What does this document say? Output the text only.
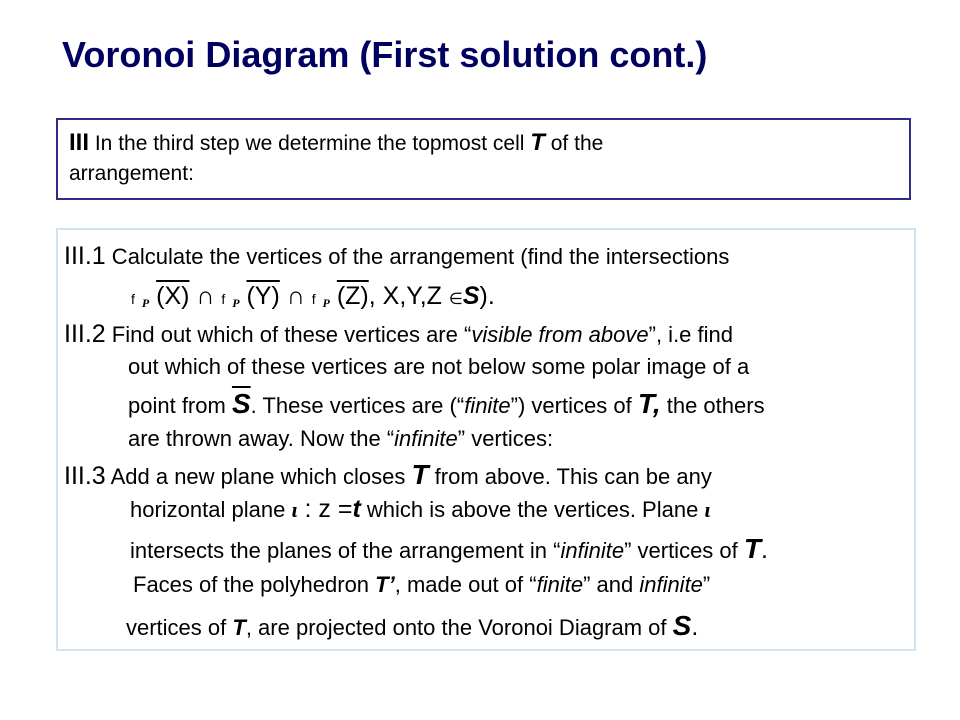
Voronoi Diagram (First solution cont.)
III In the third step we determine the topmost cell T of the
arrangement:
III.1 Calculate the vertices of the arrangement (find the intersections
f P (X) ∩ f P (Y) ∩ f P (Z), X,Y,Z ∈S).
III.2 Find out which of these vertices are “visible from above”, i.e find
out which of these vertices are not below some polar image of a
point from $\overline{S}$. These vertices are (“finite”) vertices of T, the others
are thrown away. Now the “infinite” vertices:
III.3 Add a new plane which closes T from above. This can be any
horizontal plane ι : z =t which is above the vertices. Plane ι
intersects the planes of the arrangement in “infinite” vertices of T.
Faces of the polyhedron T’, made out of “finite” and infinite”
vertices of T, are projected onto the Voronoi Diagram of S.
